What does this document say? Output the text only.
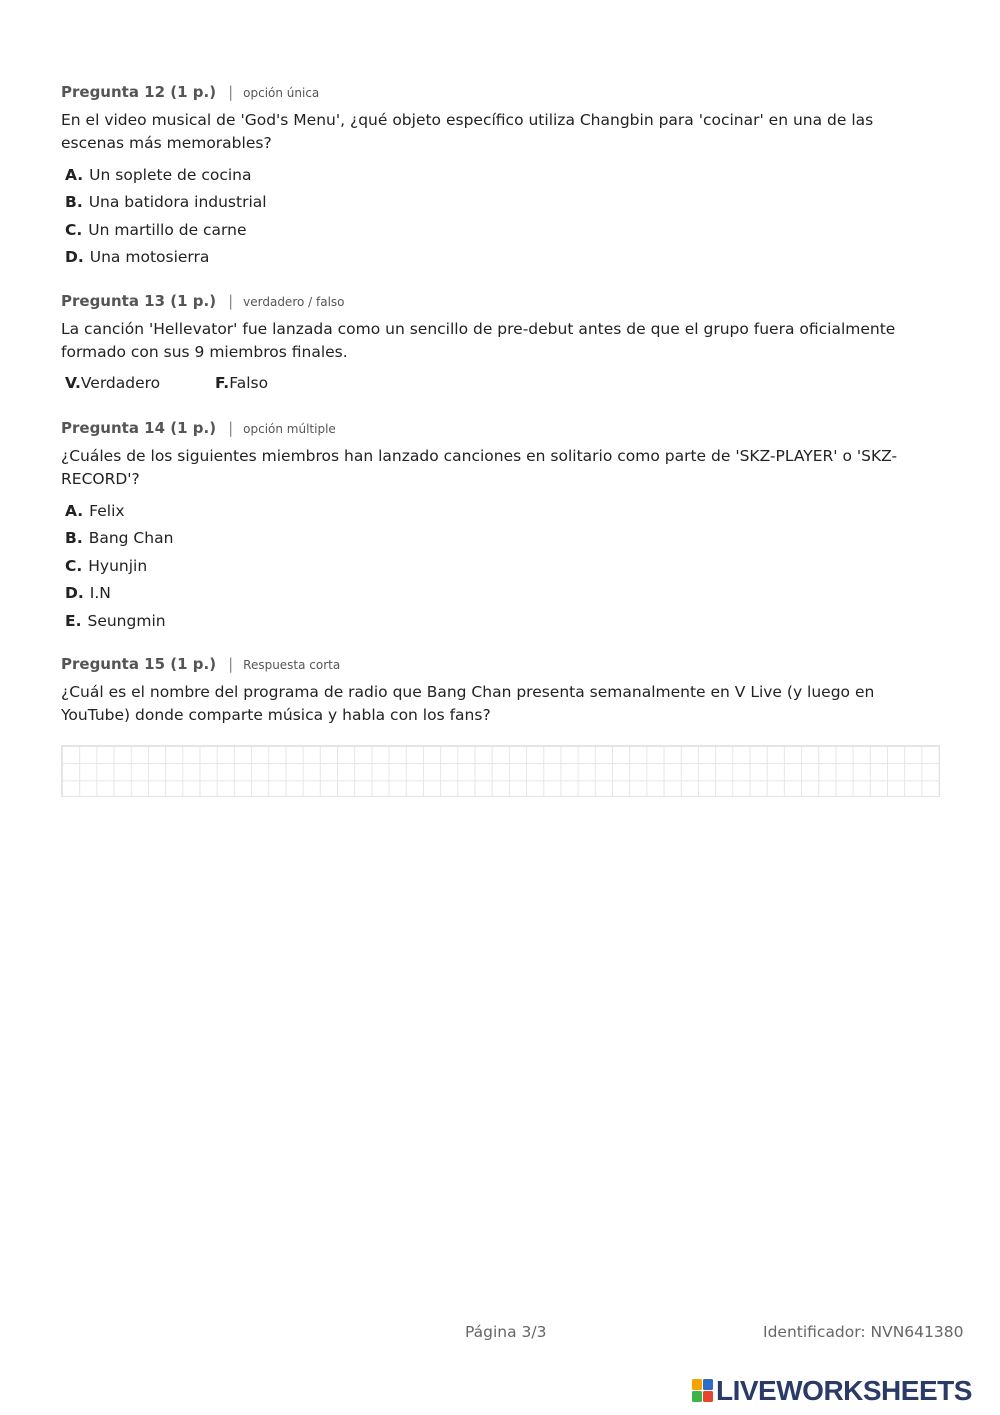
Pregunta 12 (1 p.) | opción única
En el video musical de 'God's Menu', ¿qué objeto específico utiliza Changbin para 'cocinar' en una de las escenas más memorables?
A. Un soplete de cocina
B. Una batidora industrial
C. Un martillo de carne
D. Una motosierra
Pregunta 13 (1 p.) | verdadero / falso
La canción 'Hellevator' fue lanzada como un sencillo de pre-debut antes de que el grupo fuera oficialmente formado con sus 9 miembros finales.
V.Verdadero	F.Falso
Pregunta 14 (1 p.) | opción múltiple
¿Cuáles de los siguientes miembros han lanzado canciones en solitario como parte de 'SKZ-PLAYER' o 'SKZ-RECORD'?
A. Felix
B. Bang Chan
C. Hyunjin
D. I.N
E. Seungmin
Pregunta 15 (1 p.) | Respuesta corta
¿Cuál es el nombre del programa de radio que Bang Chan presenta semanalmente en V Live (y luego en YouTube) donde comparte música y habla con los fans?
Página 3/3	Identificador: NVN641380
LIVEWORKSHEETS
